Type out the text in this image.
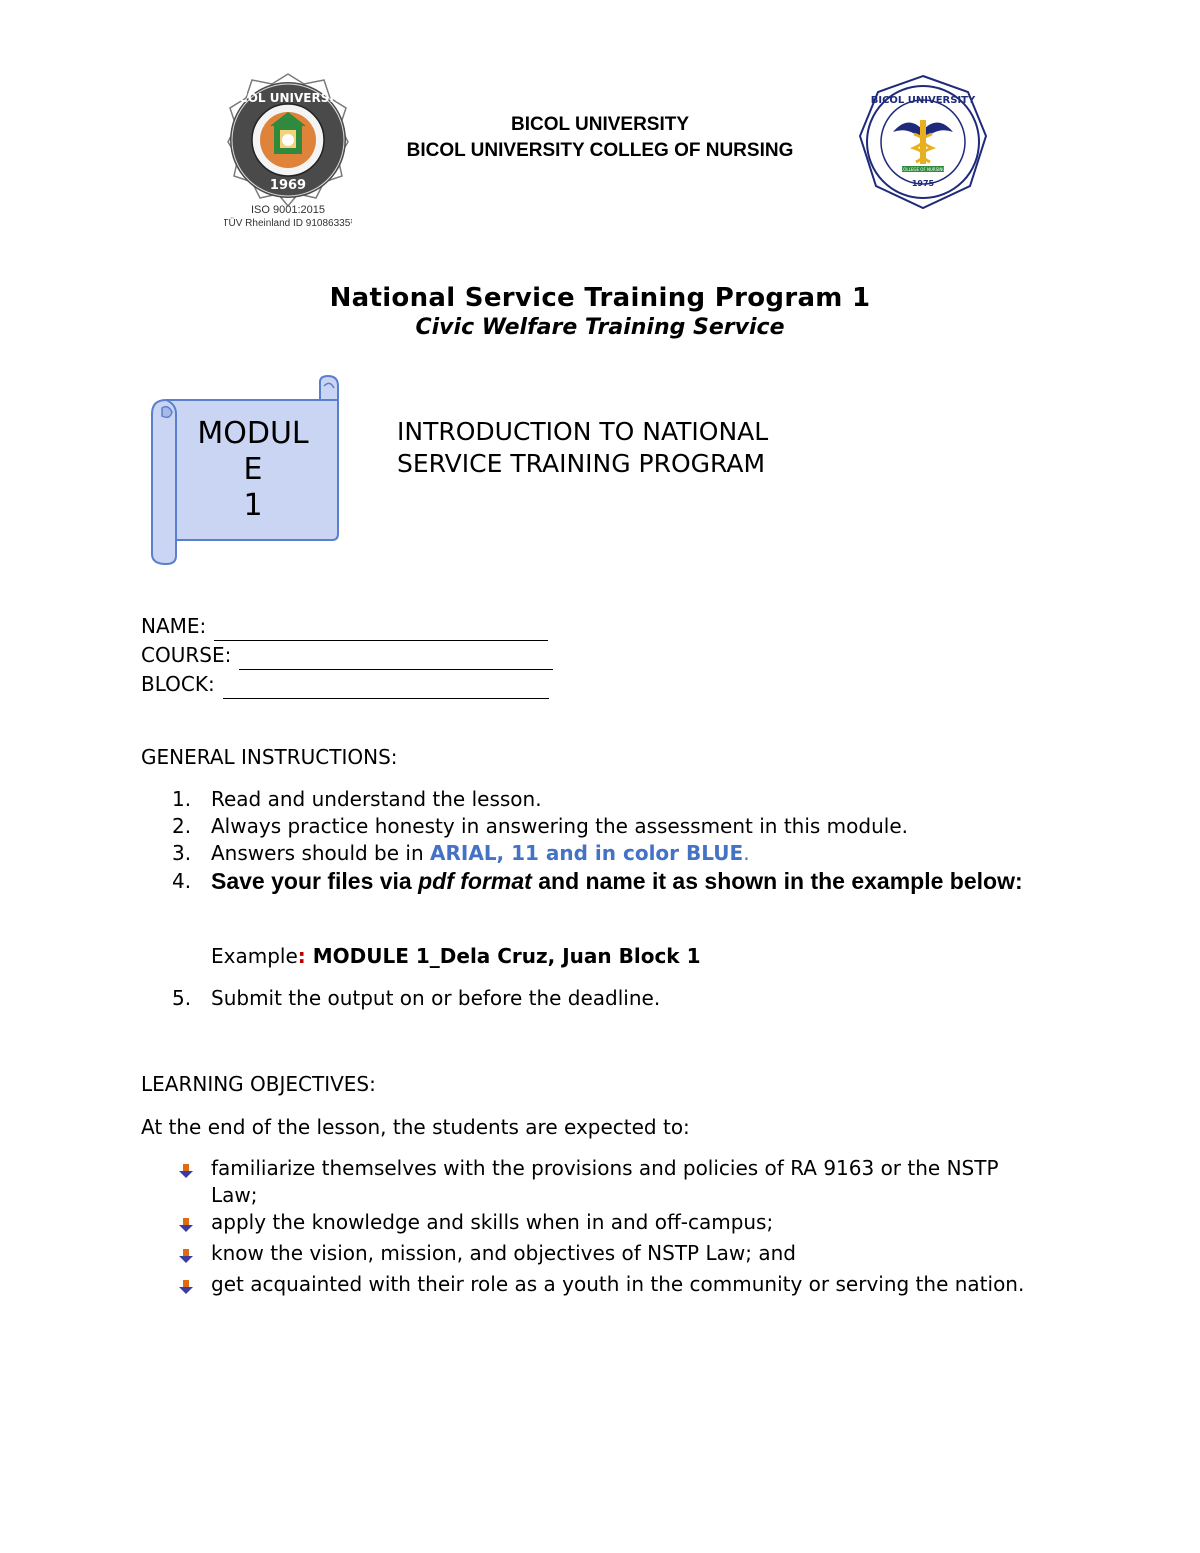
BICOL UNIVERSITY
1969
ISO 9001:2015
TÜV Rheinland ID 91086335¹
BICOL UNIVERSITY
BICOL UNIVERSITY COLLEG OF NURSING
BICOL UNIVERSITY
COLLEGE OF NURSING
1975
National Service Training Program 1
Civic Welfare Training Service
MODUL
E
1
INTRODUCTION TO NATIONAL
SERVICE TRAINING PROGRAM
NAME:
COURSE:
BLOCK:
GENERAL INSTRUCTIONS:
1. Read and understand the lesson.
2. Always practice honesty in answering the assessment in this module.
3. Answers should be in ARIAL, 11 and in color BLUE.
4. Save your files via pdf format and name it as shown in the example below:
Example: MODULE 1_Dela Cruz, Juan Block 1
5. Submit the output on or before the deadline.
LEARNING OBJECTIVES:
At the end of the lesson, the students are expected to:
familiarize themselves with the provisions and policies of RA 9163 or the NSTP Law;
apply the knowledge and skills when in and off-campus;
know the vision, mission, and objectives of NSTP Law; and
get acquainted with their role as a youth in the community or serving the nation.
